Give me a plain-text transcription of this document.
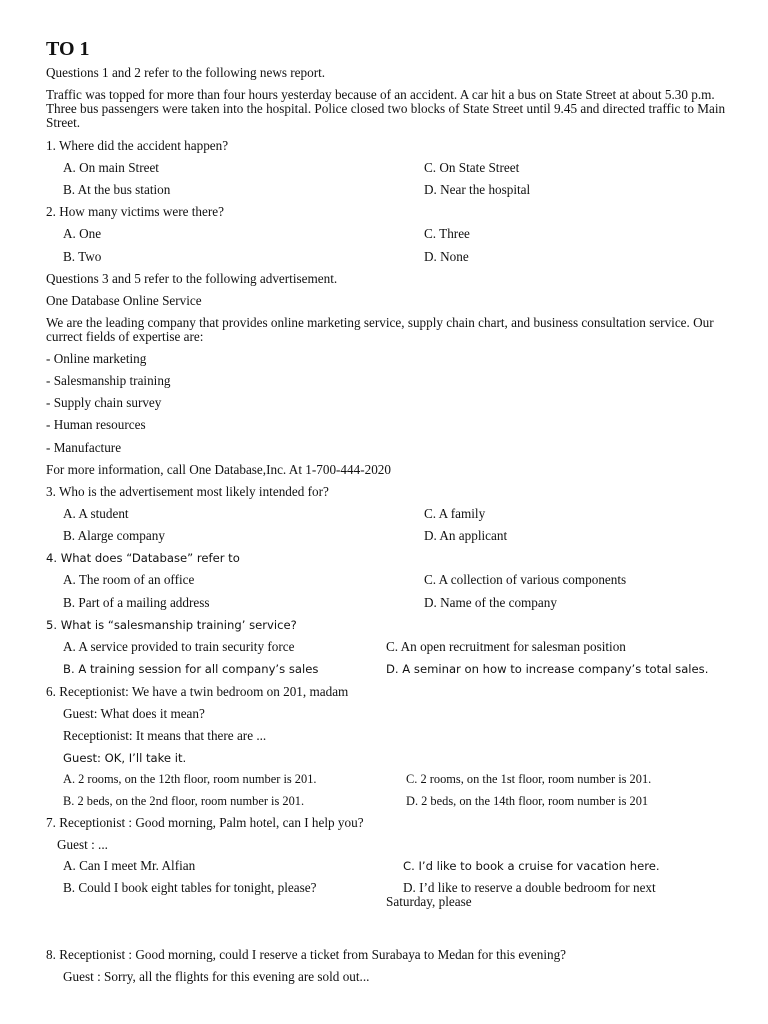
TO 1
Questions 1 and 2 refer to the following news report.
Traffic was topped for more than four hours yesterday because of an accident. A car hit a bus on State Street at about 5.30 p.m. Three bus passengers were taken into the hospital. Police closed two blocks of State Street until 9.45 and directed traffic to Main Street.
1. Where did the accident happen?
A. On main Street	C. On State Street
B. At the bus station	D. Near the hospital
2. How many victims were there?
A. One	C. Three
B. Two	D. None
Questions 3 and 5 refer to the following advertisement.
One Database Online Service
We are the leading company that provides online marketing service, supply chain chart, and business consultation service. Our currect fields of expertise are:
- Online marketing
- Salesmanship training
- Supply chain survey
- Human resources
- Manufacture
For more information, call One Database,Inc. At 1-700-444-2020
3. Who is the advertisement most likely intended for?
A. A student	C. A family
B. Alarge company	D. An applicant
4. What does “Database” refer to
A. The room of an office	C. A collection of various components
B. Part of a mailing address	D. Name of the company
5. What is “salesmanship training’ service?
A. A service provided to train security force	C. An open recruitment for salesman position
B. A training session for all company’s sales	D. A seminar on how to increase company’s total sales.
6. Receptionist: We have a twin bedroom on 201, madam
Guest: What does it mean?
Receptionist: It means that there are ...
Guest: OK, I’ll take it.
A. 2 rooms, on the 12th floor, room number is 201.	C. 2 rooms, on the 1st floor, room number is 201.
B. 2 beds, on the 2nd floor, room number is 201.	D. 2 beds, on the 14th floor, room number is 201
7. Receptionist : Good morning, Palm hotel, can I help you?
Guest : ...
A. Can I meet Mr. Alfian	C. I’d like to book a cruise for vacation here.
B. Could I book eight tables for tonight, please?	D. I’d like to reserve a double bedroom for next
Saturday, please
8. Receptionist : Good morning, could I reserve a ticket from Surabaya to Medan for this evening?
Guest : Sorry, all the flights for this evening are sold out...
